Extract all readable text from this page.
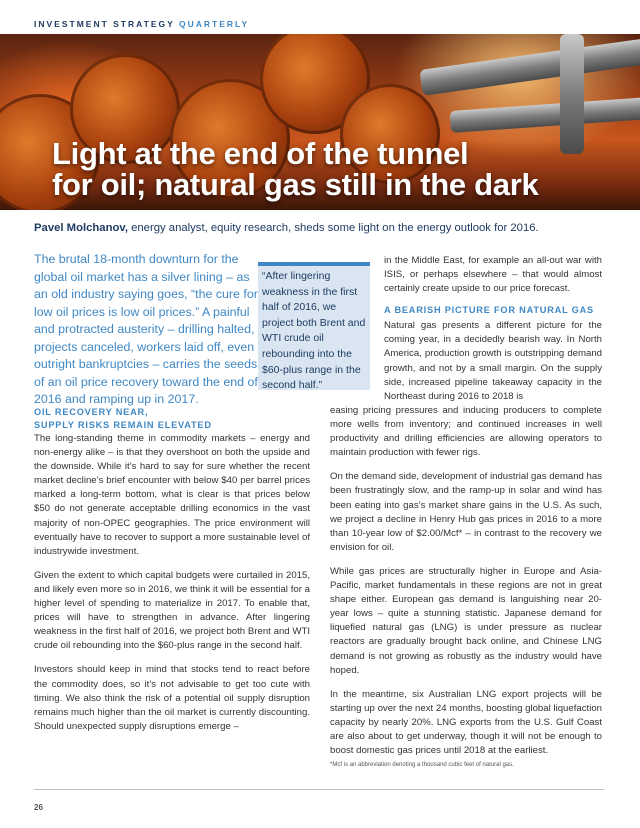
INVESTMENT STRATEGY QUARTERLY
Light at the end of the tunnel
for oil; natural gas still in the dark
Pavel Molchanov, energy analyst, equity research, sheds some light on the energy outlook for 2016.
The brutal 18-month downturn for the global oil market has a silver lining – as an old industry saying goes, “the cure for low oil prices is low oil prices.” A painful and protracted austerity – drilling halted, projects canceled, workers laid off, even outright bankruptcies – carries the seeds of an oil price recovery toward the end of 2016 and ramping up in 2017.
“After lingering weakness in the first half of 2016, we project both Brent and WTI crude oil rebounding into the $60-plus range in the second half.”
OIL RECOVERY NEAR,
SUPPLY RISKS REMAIN ELEVATED

The long-standing theme in commodity markets – energy and non-energy alike – is that they overshoot on both the upside and the downside. While it’s hard to say for sure whether the recent market decline’s brief encounter with below $40 per barrel prices marked a long-term bottom, what is clear is that prices below $50 do not generate acceptable drilling economics in the vast majority of non-OPEC geographies. The price environment will eventually have to recover to support a more sustainable level of industrywide investment.

Given the extent to which capital budgets were curtailed in 2015, and likely even more so in 2016, we think it will be essential for a higher level of spending to materialize in 2017. To enable that, prices will have to strengthen in advance. After lingering weakness in the first half of 2016, we project both Brent and WTI crude oil rebounding into the $60-plus range in the second half.

Investors should keep in mind that stocks tend to react before the commodity does, so it’s not advisable to get too cute with timing. We also think the risk of a potential oil supply disruption remains much higher than the oil market is currently discounting. Should unexpected supply disruptions emerge –

in the Middle East, for example an all-out war with ISIS, or perhaps elsewhere – that would almost certainly create upside to our price forecast.

A BEARISH PICTURE FOR NATURAL GAS

Natural gas presents a different picture for the coming year, in a decidedly bearish way. In North America, production growth is outstripping demand growth, and not by a small margin. On the supply side, increased pipeline takeaway capacity in the Northeast during 2016 to 2018 is

easing pricing pressures and inducing producers to complete more wells from inventory; and continued increases in well productivity and drilling efficiencies are allowing operators to maintain production with fewer rigs.

On the demand side, development of industrial gas demand has been frustratingly slow, and the ramp-up in solar and wind has been eating into gas’s market share gains in the U.S. As such, we project a decline in Henry Hub gas prices in 2016 to a more than 10-year low of $2.00/Mcf* – in contrast to the recovery we envision for oil.

While gas prices are structurally higher in Europe and Asia-Pacific, market fundamentals in these regions are not in great shape either. European gas demand is languishing near 20-year lows – quite a stunning statistic. Japanese demand for liquefied natural gas (LNG) is under pressure as nuclear reactors are gradually brought back online, and Chinese LNG demand is not growing as robustly as the industry would have hoped.

In the meantime, six Australian LNG export projects will be starting up over the next 24 months, boosting global liquefaction capacity by nearly 20%. LNG exports from the U.S. Gulf Coast are also about to get underway, though it will not be enough to boost domestic gas prices until 2018 at the earliest.

*Mcf is an abbreviation denoting a thousand cubic feet of natural gas.
26
